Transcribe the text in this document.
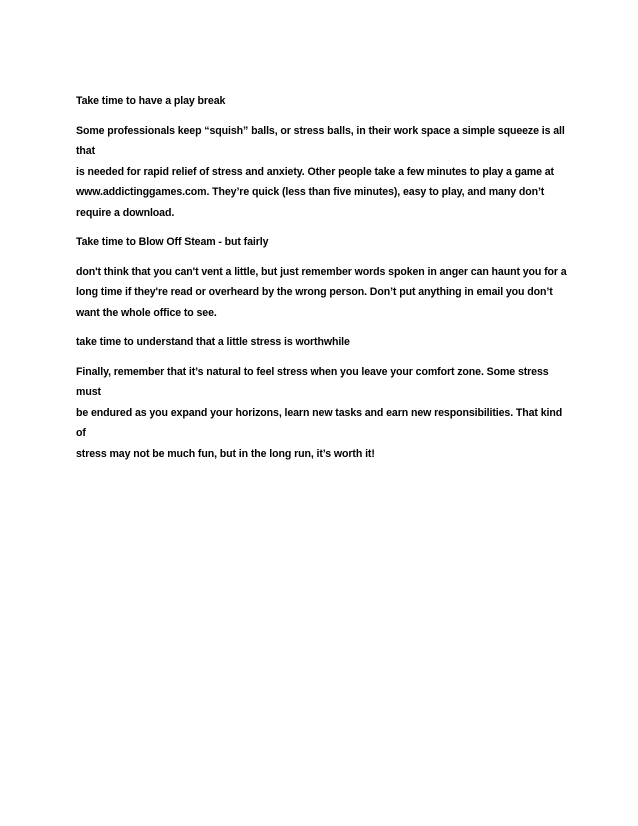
Take time to have a play break

Some professionals keep “squish” balls, or stress balls, in their work space a simple squeeze is all that
is needed for rapid relief of stress and anxiety. Other people take a few minutes to play a game at
www.addictinggames.com. They’re quick (less than five minutes), easy to play, and many don’t
require a download.

Take time to Blow Off Steam - but fairly

don't think that you can't vent a little, but just remember words spoken in anger can haunt you for a
long time if they're read or overheard by the wrong person. Don’t put anything in email you don’t
want the whole office to see.

take time to understand that a little stress is worthwhile

Finally, remember that it’s natural to feel stress when you leave your comfort zone. Some stress must
be endured as you expand your horizons, learn new tasks and earn new responsibilities. That kind of
stress may not be much fun, but in the long run, it’s worth it!
